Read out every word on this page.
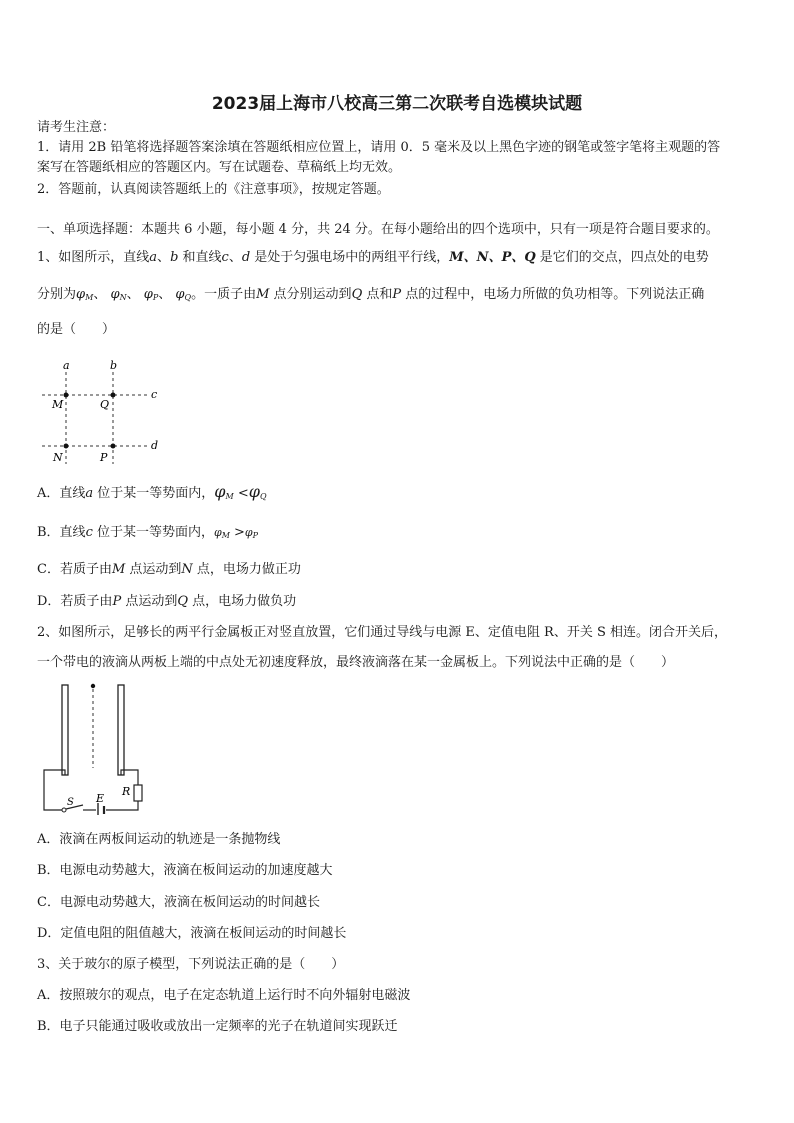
2023届上海市八校高三第二次联考自选模块试题
请考生注意：
1．请用 2B 铅笔将选择题答案涂填在答题纸相应位置上，请用 0．5 毫米及以上黑色字迹的钢笔或签字笔将主观题的答
案写在答题纸相应的答题区内。写在试题卷、草稿纸上均无效。
2．答题前，认真阅读答题纸上的《注意事项》，按规定答题。
一、单项选择题：本题共 6 小题，每小题 4 分，共 24 分。在每小题给出的四个选项中，只有一项是符合题目要求的。
1、如图所示，直线a、b 和直线c、d 是处于匀强电场中的两组平行线，M、N、P、Q 是它们的交点，四点处的电势
分别为$\varphi_M$、 $\varphi_N$、 $\varphi_P$、 $\varphi_Q$。一质子由M 点分别运动到Q 点和P 点的过程中，电场力所做的负功相等。下列说法正确
的是（　　）
a	b
c
d
M	Q
N	P
A．直线a 位于某一等势面内，$\varphi_M <\varphi_Q$
B．直线c 位于某一等势面内，$\varphi_M >\varphi_P$
C．若质子由M 点运动到N 点，电场力做正功
D．若质子由P 点运动到Q 点，电场力做负功
2、如图所示，足够长的两平行金属板正对竖直放置，它们通过导线与电源 E、定值电阻 R、开关 S 相连。闭合开关后，
一个带电的液滴从两板上端的中点处无初速度释放，最终液滴落在某一金属板上。下列说法中正确的是（　　）
S E
R
A．液滴在两板间运动的轨迹是一条抛物线
B．电源电动势越大，液滴在板间运动的加速度越大
C．电源电动势越大，液滴在板间运动的时间越长
D．定值电阻的阻值越大，液滴在板间运动的时间越长
3、关于玻尔的原子模型，下列说法正确的是（　　）
A．按照玻尔的观点，电子在定态轨道上运行时不向外辐射电磁波
B．电子只能通过吸收或放出一定频率的光子在轨道间实现跃迁
